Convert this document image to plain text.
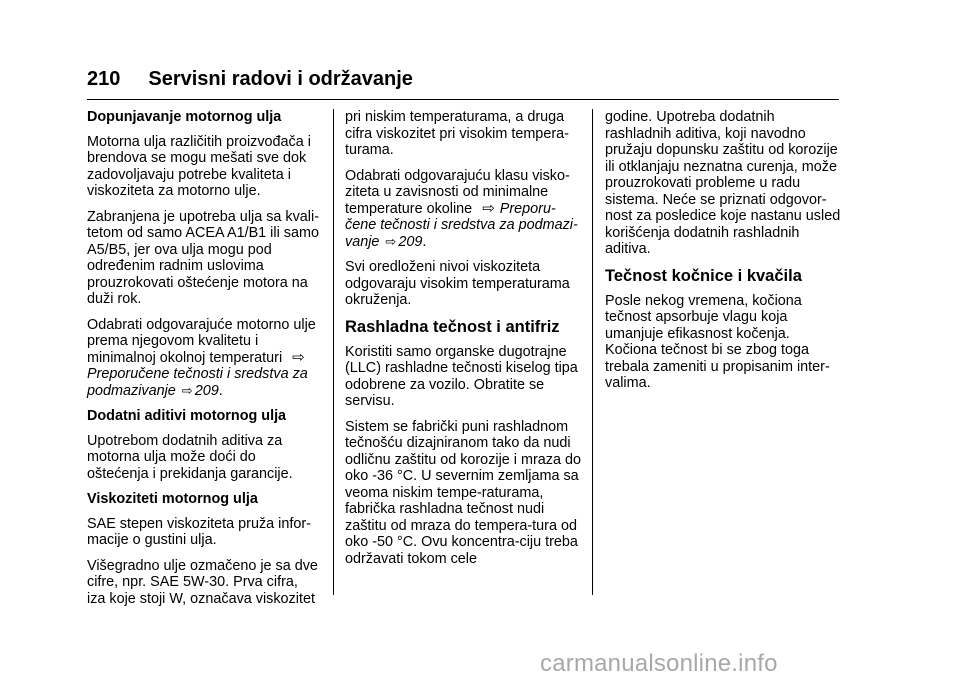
210 Servisni radovi i održavanje

Dopunjavanje motornog ulja

Motorna ulja različitih proizvođača i brendova se mogu mešati sve dok zadovoljavaju potrebe kvaliteta i viskoziteta za motorno ulje.

Zabranjena je upotreba ulja sa kvali-tetom od samo ACEA A1/B1 ili samo A5/B5, jer ova ulja mogu pod određenim radnim uslovima prouzrokovati oštećenje motora na duži rok.

Odabrati odgovarajuće motorno ulje prema njegovom kvalitetu i minimalnoj okolnoj temperaturi ⇨
Preporučene tečnosti i sredstva za podmazivanje ⇨ 209.

Dodatni aditivi motornog ulja

Upotrebom dodatnih aditiva za motorna ulja može doći do oštećenja i prekidanja garancije.

Viskoziteti motornog ulja

SAE stepen viskoziteta pruža infor-macije o gustini ulja.

Višegradno ulje ozmačeno je sa dve cifre, npr. SAE 5W-30. Prva cifra, iza koje stoji W, označava viskozitet

pri niskim temperaturama, a druga cifra viskozitet pri visokim tempera-turama.

Odabrati odgovarajuću klasu visko-ziteta u zavisnosti od minimalne temperature okoline ⇨ Preporu-čene tečnosti i sredstva za podmazi-vanje ⇨ 209.

Svi oredloženi nivoi viskoziteta odgovaraju visokim temperaturama okruženja.

Rashladna tečnost i antifriz

Koristiti samo organske dugotrajne (LLC) rashladne tečnosti kiselog tipa odobrene za vozilo. Obratite se servisu.

Sistem se fabrički puni rashladnom tečnošću dizajniranom tako da nudi odličnu zaštitu od korozije i mraza do oko -36 °C. U severnim zemljama sa veoma niskim tempe-raturama, fabrička rashladna tečnost nudi zaštitu od mraza do tempera-tura od oko -50 °C. Ovu koncentra-ciju treba održavati tokom cele

godine. Upotreba dodatnih rashladnih aditiva, koji navodno pružaju dopunsku zaštitu od korozije ili otklanjaju neznatna curenja, može prouzrokovati probleme u radu sistema. Neće se priznati odgovor-nost za posledice koje nastanu usled korišćenja dodatnih rashladnih aditiva.

Tečnost kočnice i kvačila

Posle nekog vremena, kočiona tečnost apsorbuje vlagu koja umanjuje efikasnost kočenja. Kočiona tečnost bi se zbog toga trebala zameniti u propisanim inter-valima.

carmanualsonline.info
